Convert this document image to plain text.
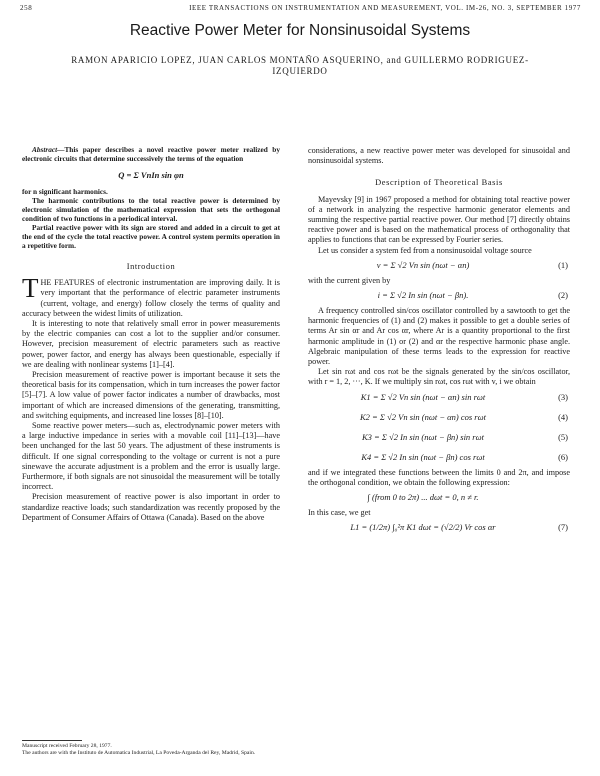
258	IEEE TRANSACTIONS ON INSTRUMENTATION AND MEASUREMENT, VOL. IM-26, NO. 3, SEPTEMBER 1977
Reactive Power Meter for Nonsinusoidal Systems
RAMON APARICIO LOPEZ, JUAN CARLOS MONTAÑO ASQUERINO, and GUILLERMO RODRIGUEZ-IZQUIERDO

Abstract—This paper describes a novel reactive power meter realized by electronic circuits that determine successively the terms of the equation

Q = Σ VnIn sin φn

for n significant harmonics.

The harmonic contributions to the total reactive power is determined by electronic simulation of the mathematical expression that sets the orthogonal condition of two functions in a periodical interval.

Partial reactive power with its sign are stored and added in a circuit to get at the end of the cycle the total reactive power. A control system permits operation in a repetitive form.

Introduction

THE FEATURES of electronic instrumentation are improving daily. It is very important that the performance of electric parameter instruments (current, voltage, and energy) follow closely the terms of quality and accuracy between the widest limits of utilization.

It is interesting to note that relatively small error in power measurements by the electric companies can cost a lot to the supplier and/or consumer. However, precision measurement of electric parameters such as reactive power, power factor, and energy has always been questionable, especially if we are dealing with nonlinear systems [1]–[4].

Precision measurement of reactive power is important because it sets the theoretical basis for its compensation, which in turn increases the power factor [5]–[7]. A low value of power factor indicates a number of drawbacks, most important of which are increased dimensions of the generating, transmitting, and switching equipments, and increased line losses [8]–[10].

Some reactive power meters—such as, electrodynamic power meters with a large inductive impedance in series with a movable coil [11]–[13]—have been unchanged for the last 50 years. The adjustment of these instruments is difficult. If one signal corresponding to the voltage or current is not a pure sinewave the accurate adjustment is a problem and the error is usually large. Furthermore, if both signals are not sinusoidal the measurement will be totally incorrect.

Precision measurement of reactive power is also important in order to standardize reactive loads; such standardization was recently proposed by the Department of Consumer Affairs of Ottawa (Canada). Based on the above

considerations, a new reactive power meter was developed for sinusoidal and nonsinusoidal systems.

Description of Theoretical Basis

Mayevsky [9] in 1967 proposed a method for obtaining total reactive power of a network in analyzing the respective harmonic generator elements and summing the respective partial reactive power. Our method [7] directly obtains reactive power and is based on the mathematical process of orthogonality that applies to functions that can be expressed by Fourier series.

Let us consider a system fed from a nonsinusoidal voltage source

v = Σ √2 Vn sin (nωt − αn)	(1)

with the current given by

i = Σ √2 In sin (nωt − βn).	(2)

A frequency controlled sin/cos oscillator controlled by a sawtooth to get the harmonic frequencies of (1) and (2) makes it possible to get a double series of terms Ar sin αr and Ar cos αr, where Ar is a quantity proportional to the first harmonic amplitude in (1) or (2) and αr the respective harmonic phase angle. Algebraic manipulation of these terms leads to the expression for reactive power.

Let sin rωt and cos rωt be the signals generated by the sin/cos oscillator, with r = 1, 2, ···, K. If we multiply sin rωt, cos rωt with v, i we obtain

K1 = Σ √2 Vn sin (nωt − αn) sin rωt	(3)
K2 = Σ √2 Vn sin (nωt − αn) cos rωt	(4)
K3 = Σ √2 In sin (nωt − βn) sin rωt	(5)
K4 = Σ √2 In sin (nωt − βn) cos rωt	(6)

and if we integrated these functions between the limits 0 and 2π, and impose the orthogonal condition, we obtain the following expression:

∫ (from 0 to 2π) ... dωt = 0, n ≠ r.

In this case, we get

L1 = (1/2π) ∫₀²π K1 dωt = (√2/2) Vr cos αr	(7)

Manuscript received February 28, 1977.

The authors are with the Instituto de Automatica Industrial, La Poveda-Arganda del Rey, Madrid, Spain.
